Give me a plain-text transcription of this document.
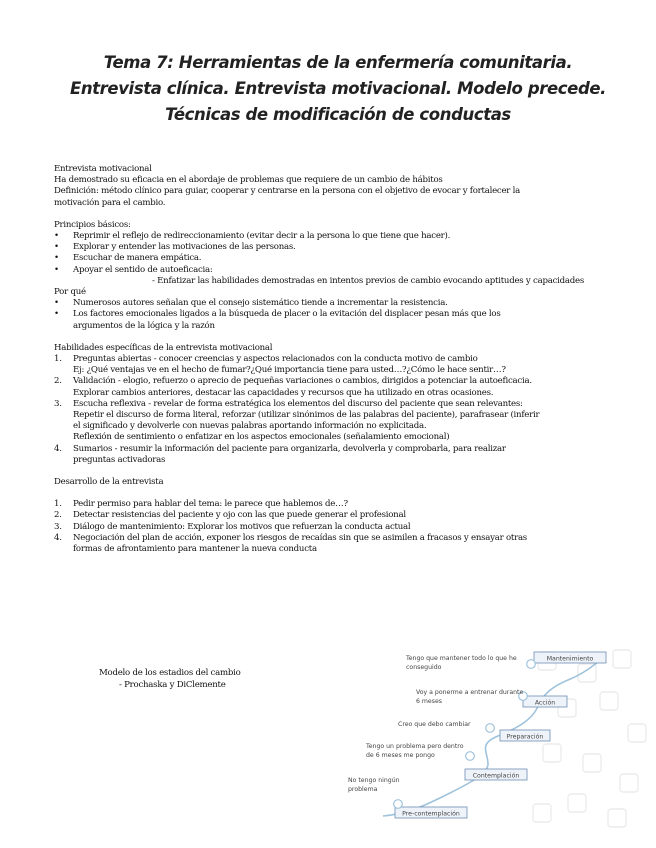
Tema 7: Herramientas de la enfermería comunitaria.
Entrevista clínica. Entrevista motivacional. Modelo precede.
Técnicas de modificación de conductas

Entrevista motivacional

Ha demostrado su eficacia en el abordaje de problemas que requiere de un cambio de hábitos

Definición: método clínico para guiar, cooperar y centrarse en la persona con el objetivo de evocar y fortalecer la

motivación para el cambio.

Principios básicos:

•	Reprimir el reflejo de redireccionamiento (evitar decir a la persona lo que tiene que hacer).
•	Explorar y entender las motivaciones de las personas.
•	Escuchar de manera empática.
•	Apoyar el sentido de autoeficacia:

- Enfatizar las habilidades demostradas en intentos previos de cambio evocando aptitudes y capacidades

Por qué

•	Numerosos autores señalan que el consejo sistemático tiende a incrementar la resistencia.
•	Los factores emocionales ligados a la búsqueda de placer o la evitación del displacer pesan más que los

argumentos de la lógica y la razón

Habilidades específicas de la entrevista motivacional

1.	Preguntas abiertas - conocer creencias y aspectos relacionados con la conducta motivo de cambio

Ej: ¿Qué ventajas ve en el hecho de fumar?¿Qué importancia tiene para usted…?¿Cómo le hace sentir…?

2.	Validación - elogio, refuerzo o aprecio de pequeñas variaciones o cambios, dirigidos a potenciar la autoeficacia.

Explorar cambios anteriores, destacar las capacidades y recursos que ha utilizado en otras ocasiones.

3.	Escucha reflexiva - revelar de forma estratégica los elementos del discurso del paciente que sean relevantes:

Repetir el discurso de forma literal, reforzar (utilizar sinónimos de las palabras del paciente), parafrasear (inferir

el significado y devolverle con nuevas palabras aportando información no explicitada.

Reflexión de sentimiento o enfatizar en los aspectos emocionales (señalamiento emocional)

4.	Sumarios - resumir la información del paciente para organizarla, devolverla y comprobarla, para realizar

preguntas activadoras

Desarrollo de la entrevista

1.	Pedir permiso para hablar del tema: le parece que hablemos de…?

2.	Detectar resistencias del paciente y ojo con las que puede generar el profesional

3.	Diálogo de mantenimiento: Explorar los motivos que refuerzan la conducta actual

4.	Negociación del plan de acción, exponer los riesgos de recaídas sin que se asimilen a fracasos y ensayar otras

formas de afrontamiento para mantener la nueva conducta

Modelo de los estadios del cambio

- Prochaska y DiClemente

Mantenimiento
Tengo que mantener todo lo que he
conseguido
Acción
Voy a ponerme a entrenar durante
6 meses
Preparación
Creo que debo cambiar
Contemplación
Tengo un problema pero dentro
de 6 meses me pongo
Pre-contemplación
No tengo ningún
problema
